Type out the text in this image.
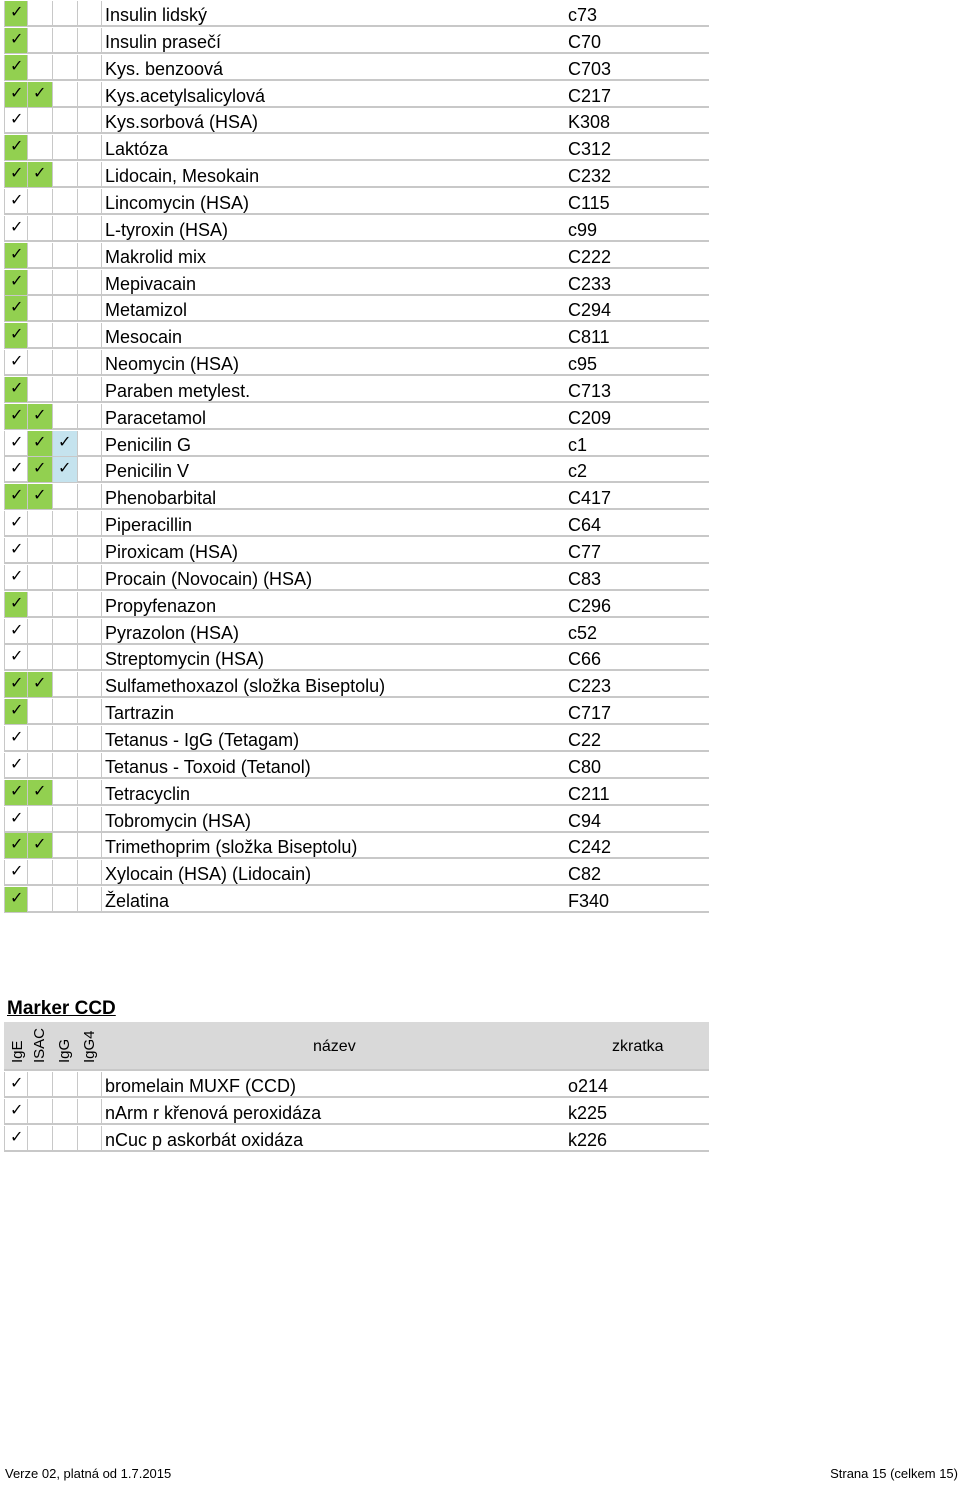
✓	Insulin lidský	c73
✓	Insulin prasečí	C70
✓	Kys. benzoová	C703
✓ ✓	Kys.acetylsalicylová	C217
✓	Kys.sorbová (HSA)	K308
✓	Laktóza	C312
✓ ✓	Lidocain, Mesokain	C232
✓	Lincomycin (HSA)	C115
✓	L-tyroxin (HSA)	c99
✓	Makrolid mix	C222
✓	Mepivacain	C233
✓	Metamizol	C294
✓	Mesocain	C811
✓	Neomycin (HSA)	c95
✓	Paraben metylest.	C713
✓ ✓	Paracetamol	C209
✓ ✓ ✓ Penicilin G	c1
✓ ✓ ✓ Penicilin V	c2
✓ ✓	Phenobarbital	C417
✓	Piperacillin	C64
✓	Piroxicam (HSA)	C77
✓	Procain (Novocain) (HSA)	C83
✓	Propyfenazon	C296
✓	Pyrazolon (HSA)	c52
✓	Streptomycin (HSA)	C66
✓ ✓	Sulfamethoxazol (složka Biseptolu)	C223
✓	Tartrazin	C717
✓	Tetanus - IgG (Tetagam)	C22
✓	Tetanus - Toxoid (Tetanol)	C80
✓ ✓	Tetracyclin	C211
✓	Tobromycin (HSA)	C94
✓ ✓	Trimethoprim (složka Biseptolu)	C242
✓	Xylocain (HSA) (Lidocain)	C82
✓	Želatina	F340
Marker CCD
IgE ISAC IgG IgG4	název	zkratka
✓	bromelain MUXF (CCD)	o214
✓	nArm r křenová peroxidáza	k225
✓	nCuc p askorbát oxidáza	k226
Verze 02, platná od 1.7.2015	Strana 15 (celkem 15)
